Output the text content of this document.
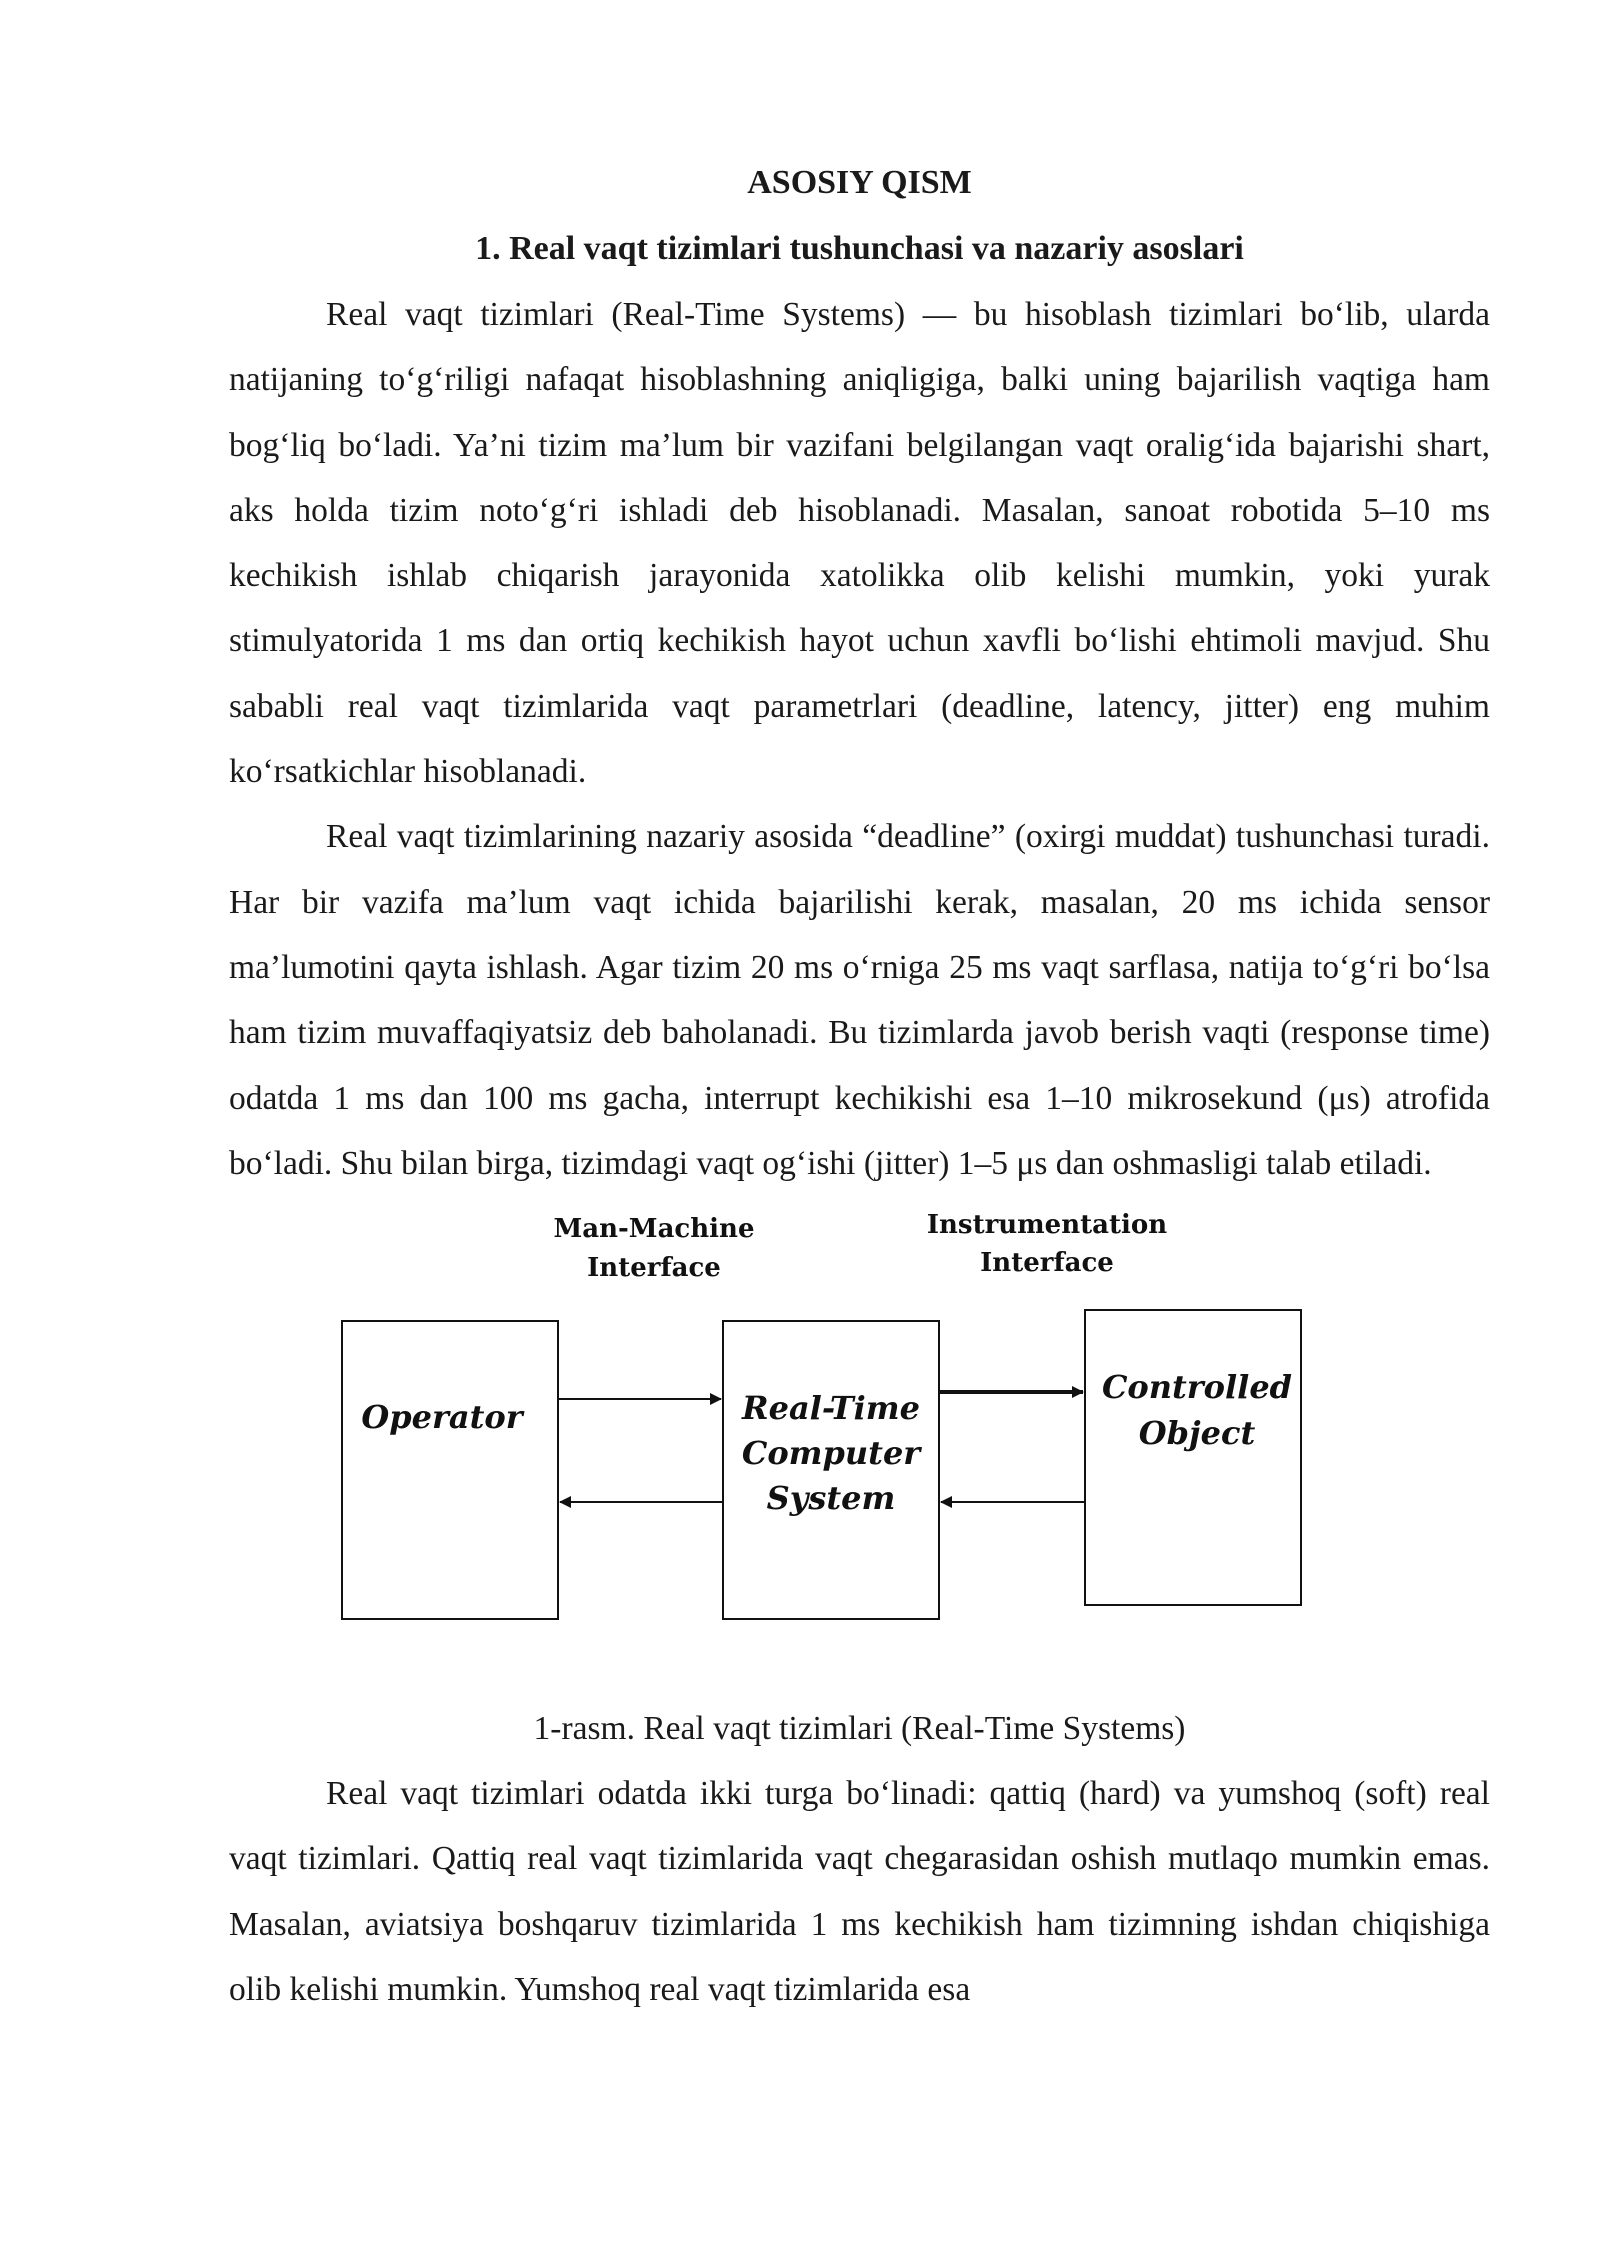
ASOSIY QISM
1. Real vaqt tizimlari tushunchasi va nazariy asoslari

Real vaqt tizimlari (Real-Time Systems) — bu hisoblash tizimlari bo‘lib, ularda natijaning to‘g‘riligi nafaqat hisoblashning aniqligiga, balki uning bajarilish vaqtiga ham bog‘liq bo‘ladi. Ya’ni tizim ma’lum bir vazifani belgilangan vaqt oralig‘ida bajarishi shart, aks holda tizim noto‘g‘ri ishladi deb hisoblanadi. Masalan, sanoat robotida 5–10 ms kechikish ishlab chiqarish jarayonida xatolikka olib kelishi mumkin, yoki yurak stimulyatorida 1 ms dan ortiq kechikish hayot uchun xavfli bo‘lishi ehtimoli mavjud. Shu sababli real vaqt tizimlarida vaqt parametrlari (deadline, latency, jitter) eng muhim ko‘rsatkichlar hisoblanadi.

Real vaqt tizimlarining nazariy asosida “deadline” (oxirgi muddat) tushunchasi turadi. Har bir vazifa ma’lum vaqt ichida bajarilishi kerak, masalan, 20 ms ichida sensor ma’lumotini qayta ishlash. Agar tizim 20 ms o‘rniga 25 ms vaqt sarflasa, natija to‘g‘ri bo‘lsa ham tizim muvaffaqiyatsiz deb baholanadi. Bu tizimlarda javob berish vaqti (response time) odatda 1 ms dan 100 ms gacha, interrupt kechikishi esa 1–10 mikrosekund (μs) atrofida bo‘ladi. Shu bilan birga, tizimdagi vaqt og‘ishi (jitter) 1–5 μs dan oshmasligi talab etiladi.

Man-Machine
Interface
Instrumentation
Interface
Operator	Real-Time
Computer
System
Controlled
Object

1-rasm. Real vaqt tizimlari (Real-Time Systems)

Real vaqt tizimlari odatda ikki turga bo‘linadi: qattiq (hard) va yumshoq (soft) real vaqt tizimlari. Qattiq real vaqt tizimlarida vaqt chegarasidan oshish mutlaqo mumkin emas. Masalan, aviatsiya boshqaruv tizimlarida 1 ms kechikish ham tizimning ishdan chiqishiga olib kelishi mumkin. Yumshoq real vaqt tizimlarida esa
